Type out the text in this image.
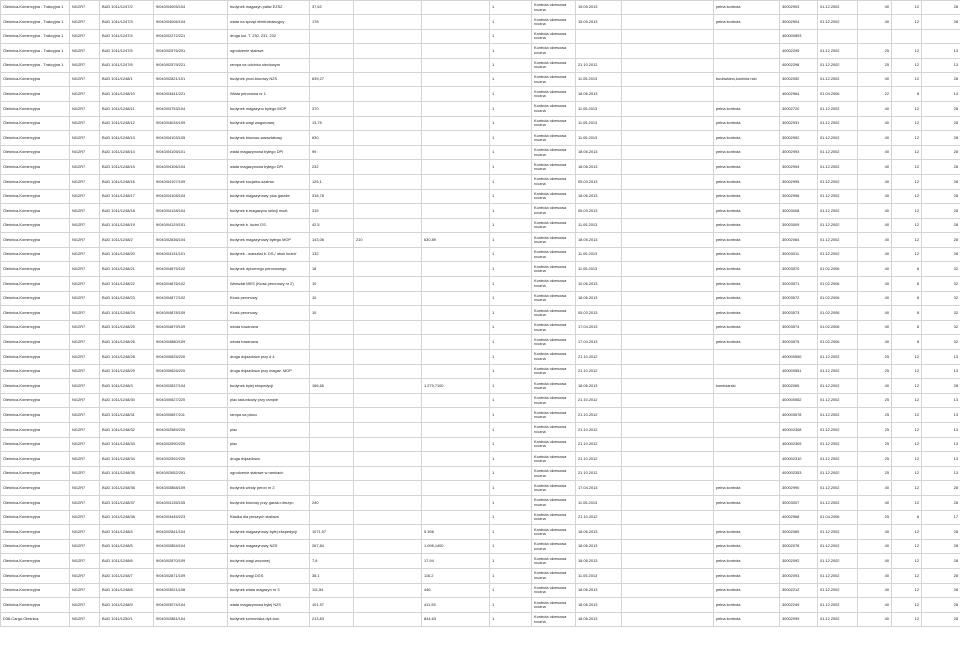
Oleśnica-Komercyjna - Trakcyjna 1	NI12R7	BUD 1011/1247/2	9/040/04005/104	budynek magazyn paliw EZSZ	37,62			1	Kontrola okresowa roczna	15.05.2013		pełna kontrola	30002903	01.12.2002	40	12	28
Oleśnica-Komercyjna - Trakcyjna 1	NI12R7	BUD 1011/1247/3	9/040/04006/104	wiata na sprzęt elektrotrakcyjny	178			1	Kontrola okresowa roczna	15.05.2013		pełna kontrola	30002904	01.12.2002	40	12	28
Oleśnica-Komercyjna - Trakcyjna 1	NI12R7	BUD 1011/1247/4	9/040/02272/221	droga kol. T. 230, 231, 232				1	Kontrola okresowa roczna				400000893				
Oleśnica-Komercyjna - Trakcyjna 1	NI12R7	BUD 1011/1247/5	9/040/02576/291	ogrodzenie stalowe				1	Kontrola okresowa roczna				40002295	01.12.2002	25	12	13
Oleśnica-Komercyjna - Trakcyjna 1	NI12R7	BUD 1011/1247/6	9/040/02579/221	rampa na odcinku sieciowym				1	Kontrola okresowa roczna	21.10.2012			40002298	01.12.2002	25	12	13
Oleśnica-Komercyjna	NI12R7	BUD 1011/1248/1	9/040/02821/101	budynek prod-biurowy NZS	639,27			1	Kontrola okresowa roczna	11.05.2013		budowlano,kominia rski	30002052	01.12.2002	40	12	28
Oleśnica-Komercyjna	NI12R7	BUD 1011/1248/10	9/040/03441/221	Wiata peronowa nr 1				1	Kontrola okresowa roczna	18.06.2013			40002964	01.04.2006	22	8	14
Oleśnica-Komercyjna	NI12R7	BUD 1011/1248/11	9/040/03753/104	budynek magazynu bylego MOP	370			1	Kontrola okresowa roczna	11.05.2013		pełna kontrola	30002720	01.12.2002	40	12	28
Oleśnica-Komercyjna	NI12R7	BUD 1011/1248/12	9/040/04034/109	budynek wagi wagonowej	13,75			1	Kontrola okresowa roczna	11.05.2013		pełna kontrola	30002931	01.12.2002	40	12	28
Oleśnica-Komercyjna	NI12R7	BUD 1011/1248/13	9/040/04103/105	budynek biurowo-warsztatowy	630			1	Kontrola okresowa roczna	11.05.2013		pełna kontrola	30002992	01.12.2002	40	12	28
Oleśnica-Komercyjna	NI12R7	BUD 1011/1248/14	9/040/04105/101	wiata magazynowa byłego DPi	99			1	Kontrola okresowa roczna	18.06.2013		pełna kontrola	30002993	01.12.2002	40	12	28
Oleśnica-Komercyjna	NI12R7	BUD 1011/1248/15	9/040/04106/104	wiata magazynowa byłego DPi	232			1	Kontrola okresowa roczna	18.06.2013		pełna kontrola	30002994	01.12.2002	40	12	28
Oleśnica-Komercyjna	NI12R7	BUD 1011/1248/16	9/040/04107/109	budynek socjalno-szatnia	126,1			1	Kontrola okresowa roczna	05.03.2013		pełna kontrola	30002995	01.12.2002	40	12	28
Oleśnica-Komercyjna	NI12R7	BUD 1011/1248/17	9/040/04108/104	budynek magazynowy plus garaże	318,78			1	Kontrola okresowa roczna	18.06.2013		pełna kontrola	30002996	01.12.2002	40	12	28
Oleśnica-Komercyjna	NI12R7	BUD 1011/1248/18	9/040/04128/104	budynek b.magazynu sekcji mozt.	315			1	Kontrola okresowa roczna	05.03.2013		pełna kontrola	30003008	01.12.2002	40	12	28
Oleśnica-Komercyjna	NI12R7	BUD 1011/1248/19	9/040/04129/101	budynek b. kuźni DS.	42,5			1	Kontrola okresowa roczna	11.05.2013		pełna kontrola	30003009	01.12.2002	40	12	28
Oleśnica-Komercyjna	NI12R7	BUD 1011/1248/2	9/040/02836/104	budynek magazynowy byłego MOP	143,06	210	630,89	1	Kontrola okresowa roczna	18.05.2013		pełna kontrola	30002064	01.12.2002	40	12	28
Oleśnica-Komercyjna	NI12R7	BUD 1011/1248/20	9/040/04131/101	budynek - warsztat b. DS,/ obok kuźni/	132			1	Kontrola okresowa roczna	11.05.2013		pełna kontrola	30003011	01.12.2002	40	12	28
Oleśnica-Komercyjna	NI12R7	BUD 1011/1248/21	9/040/04875/102	budynek dyżurnego peronowego	18			1	Kontrola okresowa roczna	11.05.2013		pełna kontrola	30003570	01.02.2006	40	8	32
Oleśnica-Komercyjna	NI12R7	BUD 1011/1248/22	9/040/04876/102	Warsztat MES (Kiosk peronowy nr 2)	10			1	Kontrola okresowa roczna	10.06.2013		pełna kontrola	30003571	01.02.2006	40	8	32
Oleśnica-Komercyjna	NI12R7	BUD 1011/1248/23	9/040/04877/102	Kiosk peronowy	10			1	Kontrola okresowa roczna	18.06.2013		pełna kontrola	30003572	01.02.2006	40	8	32
Oleśnica-Komercyjna	NI12R7	BUD 1011/1248/24	9/040/04878/109	Kiosk peronowy	10			1	Kontrola okresowa roczna	05.03.2013		pełna kontrola	30003573	01.02.2006	40	8	32
Oleśnica-Komercyjna	NI12R7	BUD 1011/1248/25	9/040/04879/109	winda towarowa				1	Kontrola okresowa roczna	17.04.2013		pełna kontrola	30003574	01.02.2006	40	8	32
Oleśnica-Komercyjna	NI12R7	BUD 1011/1248/26	9/040/04880/109	winda towarowa				1	Kontrola okresowa roczna	17.04.2013		pełna kontrola	30003575	01.02.2006	40	8	32
Oleśnica-Komercyjna	NI12R7	BUD 1011/1248/28	9/040/00625/220	droga dojazdowa przy d 4				1	Kontrola okresowa roczna	21.10.2012			400000550	01.12.2002	25	12	13
Oleśnica-Komercyjna	NI12R7	BUD 1011/1248/29	9/040/00626/220	droga dojazdowa przy magaz. MOP				1	Kontrola okresowa roczna	21.10.2012			400000551	01.12.2002	25	12	13
Oleśnica-Komercyjna	NI12R7	BUD 1011/1248/3	9/040/02837/104	budynek byłej ekspedycji	166,65		1.279,7100	1	Kontrola okresowa roczna	18.06.2013		kominiarski	30002065	01.12.2002	40	12	28
Oleśnica-Komercyjna	NI12R7	BUD 1011/1248/30	9/040/00627/220	plac ładunkowy przy rampie				1	Kontrola okresowa roczna	21.10.2012			400000552	01.12.2002	25	12	13
Oleśnica-Komercyjna	NI12R7	BUD 1011/1248/31	9/040/00657/211	rampa na placu				1	Kontrola okresowa roczna	21.10.2012			400000578	01.12.2002	25	12	13
Oleśnica-Komercyjna	NI12R7	BUD 1011/1248/32	9/040/02589/220	plac				1	Kontrola okresowa roczna	21.10.2012			400002308	01.12.2002	25	12	13
Oleśnica-Komercyjna	NI12R7	BUD 1011/1248/33	9/040/02590/220	plac				1	Kontrola okresowa roczna	21.10.2012			400002309	01.12.2002	25	12	13
Oleśnica-Komercyjna	NI12R7	BUD 1011/1248/34	9/040/02592/220	droga dojazdowa				1	Kontrola okresowa roczna	21.10.2012			400002310	01.12.2002	25	12	13
Oleśnica-Komercyjna	NI12R7	BUD 1011/1248/35	9/040/02652/291	ogrodzenie stalowe w ramkach				1	Kontrola okresowa roczna	21.10.2012			400002353	01.12.2002	25	12	13
Oleśnica-Komercyjna	NI12R7	BUD 1011/1248/36	9/040/03868/109	budynek windy peron nr 2				1	Kontrola okresowa roczna	17.04.2013		pełna kontrola	30002990	01.12.2002	40	12	28
Oleśnica-Komercyjna	NI12R7	BUD 1011/1248/37	9/040/04135/105	budynek biurowy przy garażu drezyn	240			1	Kontrola okresowa roczna	11.05.2013		pełna kontrola	30003007	01.12.2002	40	12	28
Oleśnica-Komercyjna	NI12R7	BUD 1011/1248/38	9/040/03445/223	Kładka dla pieszych stalowa				1	Kontrola okresowa roczna	21.10.2012			40002968	01.04.2006	25	8	17
Oleśnica-Komercyjna	NI12R7	BUD 1011/1248/4	9/040/02841/104	budynek magazynowy byłej ekspedycji	1071,97		5.398	1	Kontrola okresowa roczna	18.06.2013		pełna kontrola	30002069	01.12.2002	40	12	28
Oleśnica-Komercyjna	NI12R7	BUD 1011/1248/5	9/040/02854/104	budynek magazynowy NZS	267,84		1.098,1400	1	Kontrola okresowa roczna	18.06.2013		pełna kontrola	30002076	01.12.2002	40	12	28
Oleśnica-Komercyjna	NI12R7	BUD 1011/1248/6	9/040/02870/109	budynek wagi wozowej	7,8		17,94	1	Kontrola okresowa roczna	18.06.2013		pełna kontrola	30002092	01.12.2002	40	12	28
Oleśnica-Komercyjna	NI12R7	BUD 1011/1248/7	9/040/02871/109	budynek wagi DGS	38,1		116,2	1	Kontrola okresowa roczna	11.05.2013		pełna kontrola	30002093	01.12.2002	40	12	28
Oleśnica-Komercyjna	NI12R7	BUD 1011/1248/8	9/040/03021/108	budynek wiata magazyn nr 3	111,54		446	1	Kontrola okresowa roczna	18.06.2013		pełna kontrola	30002212	01.12.2002	40	12	28
Oleśnica-Komercyjna	NI12R7	BUD 1011/1248/9	9/040/03074/104	wiata magazynowa byłej NZS	101,97		411,95	1	Kontrola okresowa roczna	18.06.2013		pełna kontrola	30002249	01.12.2002	40	12	28
D36-Cargo-Oleśnica	NI12R7	BUD 1011/1250/1	9/040/02881/104	budynek schroniska dyż.tow.	213,83		844,63	1	Kontrola okresowa roczna	18.06.2013		pełna kontrola	30002099	01.12.2002	40	12	28
